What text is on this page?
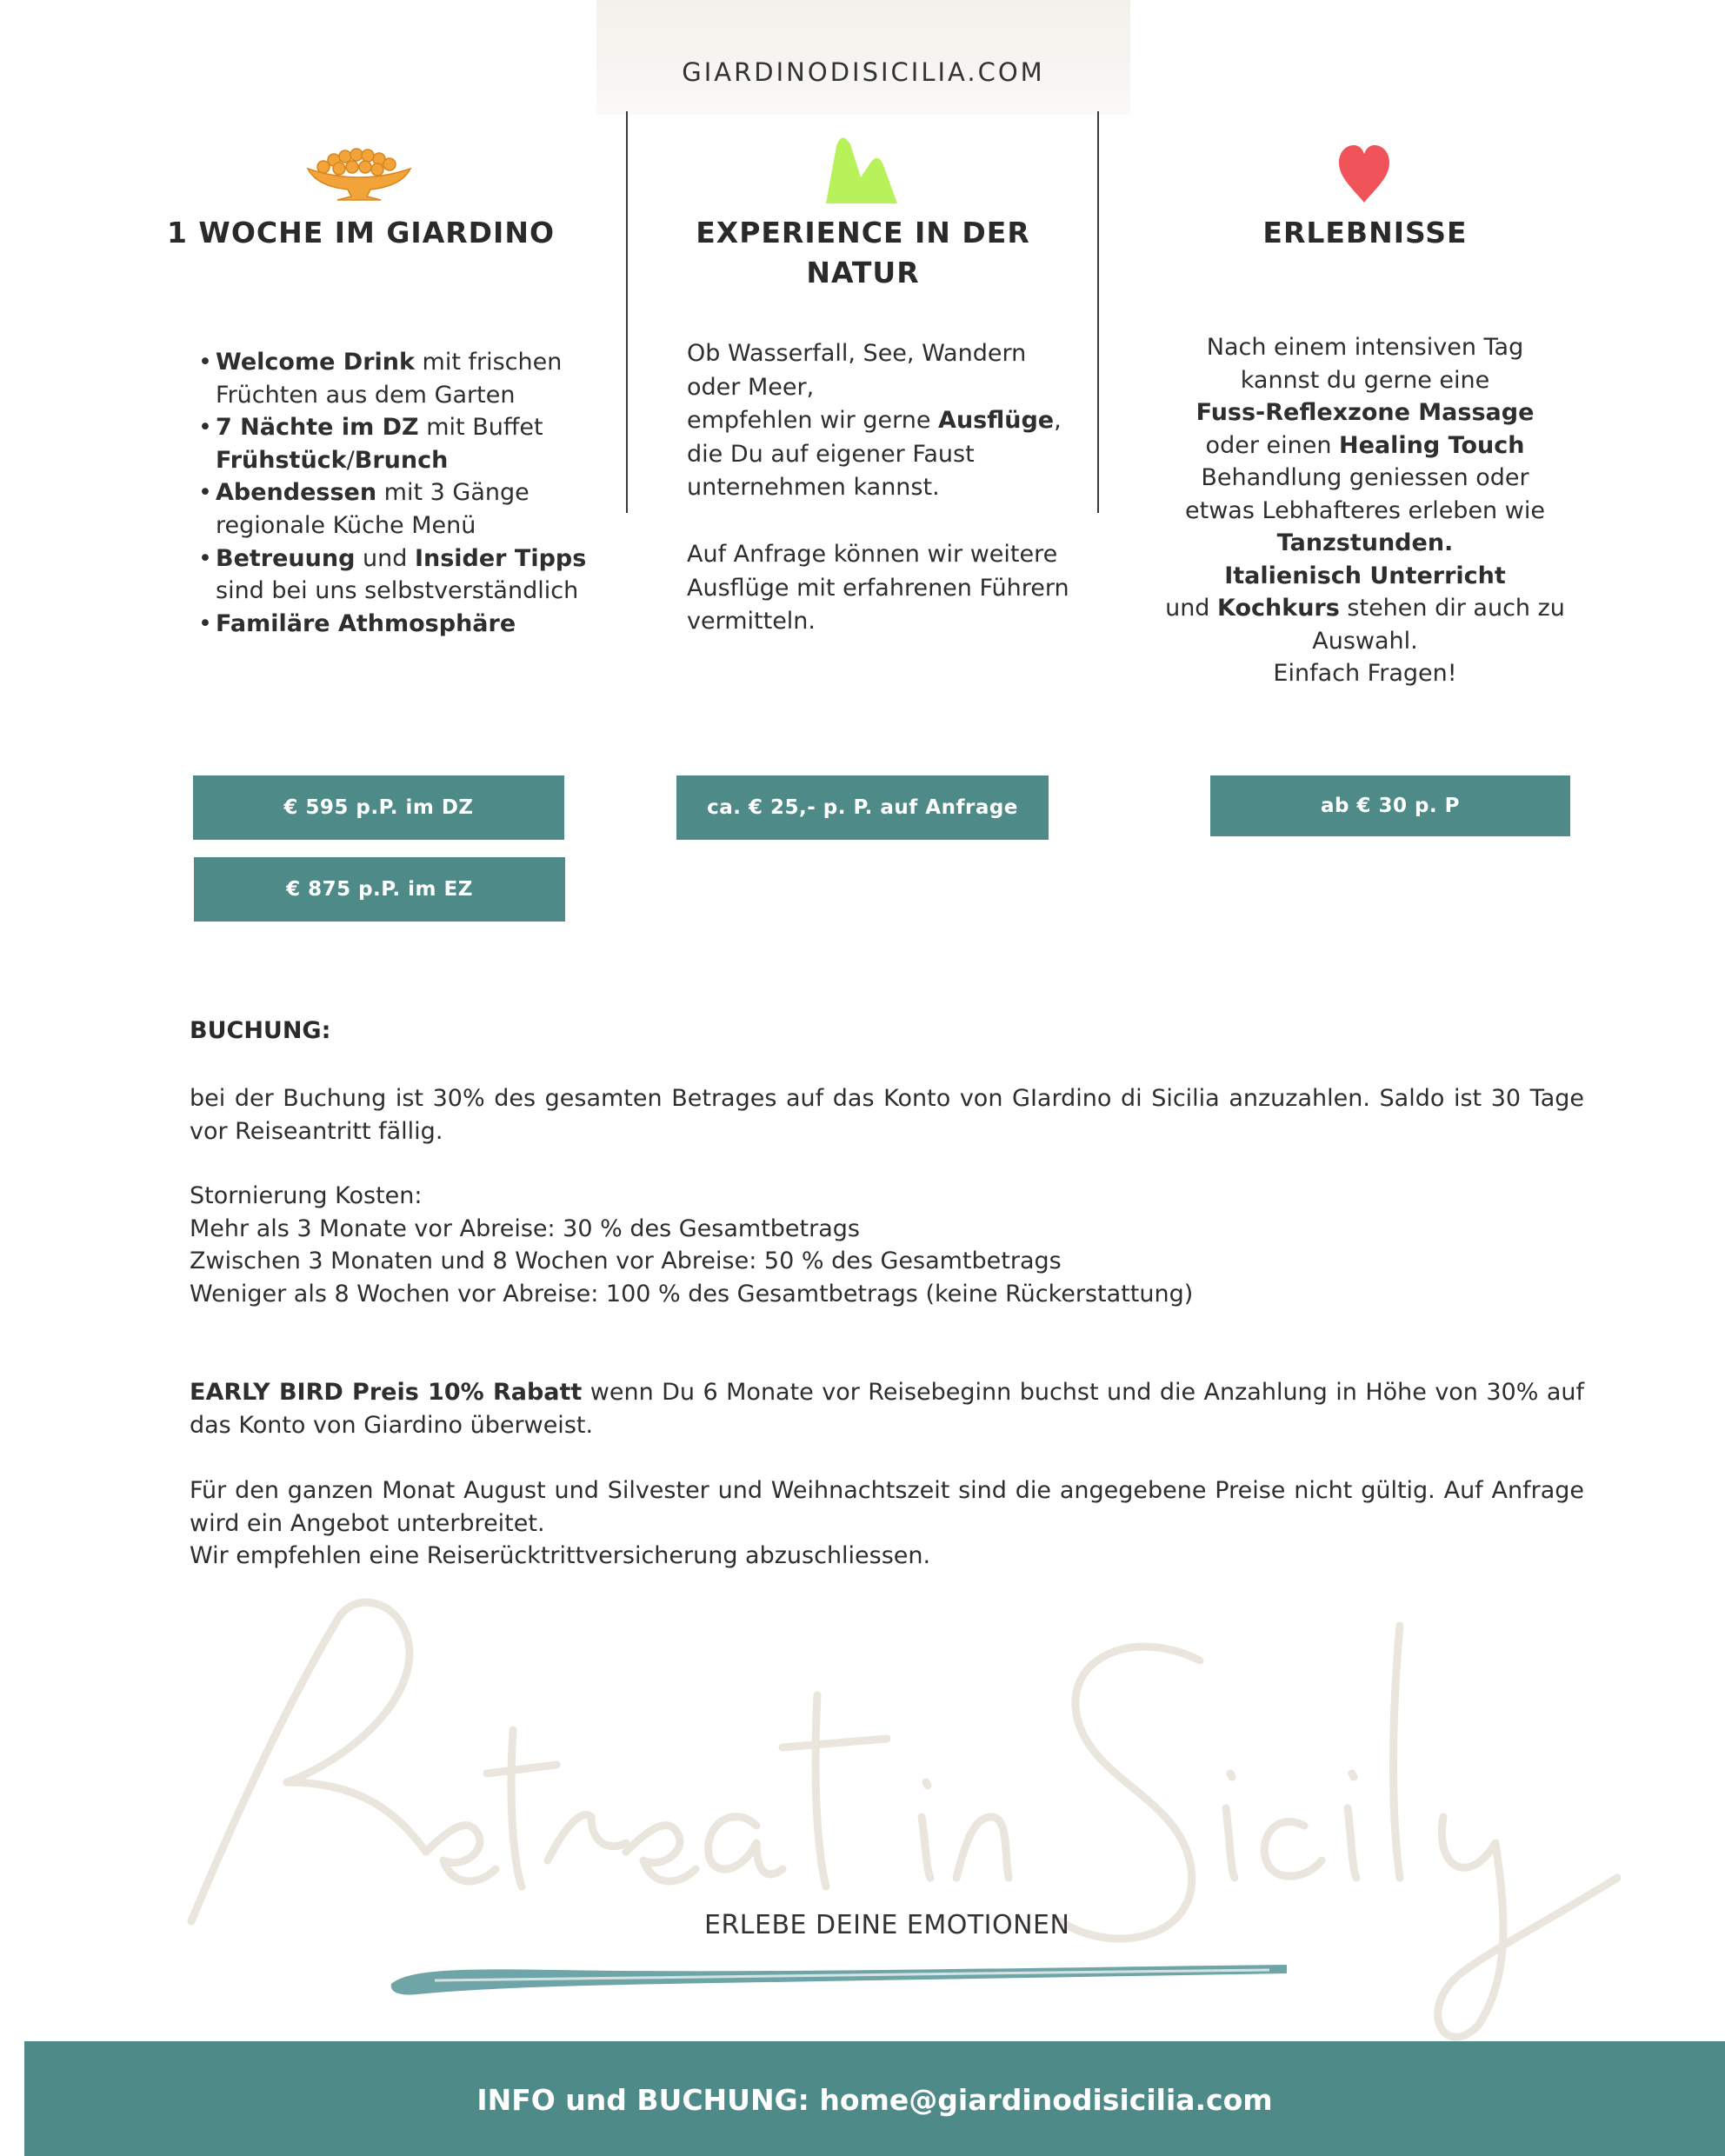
GIARDINODISICILIA.COM
1 WOCHE IM GIARDINO
• Welcome Drink mit frischen Früchten aus dem Garten
• 7 Nächte im DZ mit Buffet Frühstück/Brunch
• Abendessen mit 3 Gänge regionale Küche Menü
• Betreuung und Insider Tipps sind bei uns selbstverständlich
• Familäre Athmosphäre
€ 595 p.P. im DZ
€ 875 p.P. im EZ
EXPERIENCE IN DER
NATUR
Ob Wasserfall, See, Wandern oder Meer,
empfehlen wir gerne Ausflüge, die Du auf eigener Faust unternehmen kannst.
Auf Anfrage können wir weitere Ausflüge mit erfahrenen Führern vermitteln.
ca. € 25,- p. P. auf Anfrage
ERLEBNISSE
Nach einem intensiven Tag kannst du gerne eine
Fuss-Reflexzone Massage
oder einen Healing Touch
Behandlung geniessen oder etwas Lebhafteres erleben wie Tanzstunden.
Italienisch Unterricht
und Kochkurs stehen dir auch zu Auswahl.
Einfach Fragen!
ab € 30 p. P
BUCHUNG:
bei der Buchung ist 30% des gesamten Betrages auf das Konto von GIardino di Sicilia anzuzahlen. Saldo ist 30 Tage vor Reiseantritt fällig.
Stornierung Kosten:
Mehr als 3 Monate vor Abreise: 30 % des Gesamtbetrags
Zwischen 3 Monaten und 8 Wochen vor Abreise: 50 % des Gesamtbetrags
Weniger als 8 Wochen vor Abreise: 100 % des Gesamtbetrags (keine Rückerstattung)
EARLY BIRD Preis 10% Rabatt wenn Du 6 Monate vor Reisebeginn buchst und die Anzahlung in Höhe von 30% auf das Konto von Giardino überweist.
Für den ganzen Monat August und Silvester und Weihnachtszeit sind die angegebene Preise nicht gültig. Auf Anfrage wird ein Angebot unterbreitet.
Wir empfehlen eine Reiserücktrittversicherung abzuschliessen.
ERLEBE DEINE EMOTIONEN
INFO und BUCHUNG: home@giardinodisicilia.com
